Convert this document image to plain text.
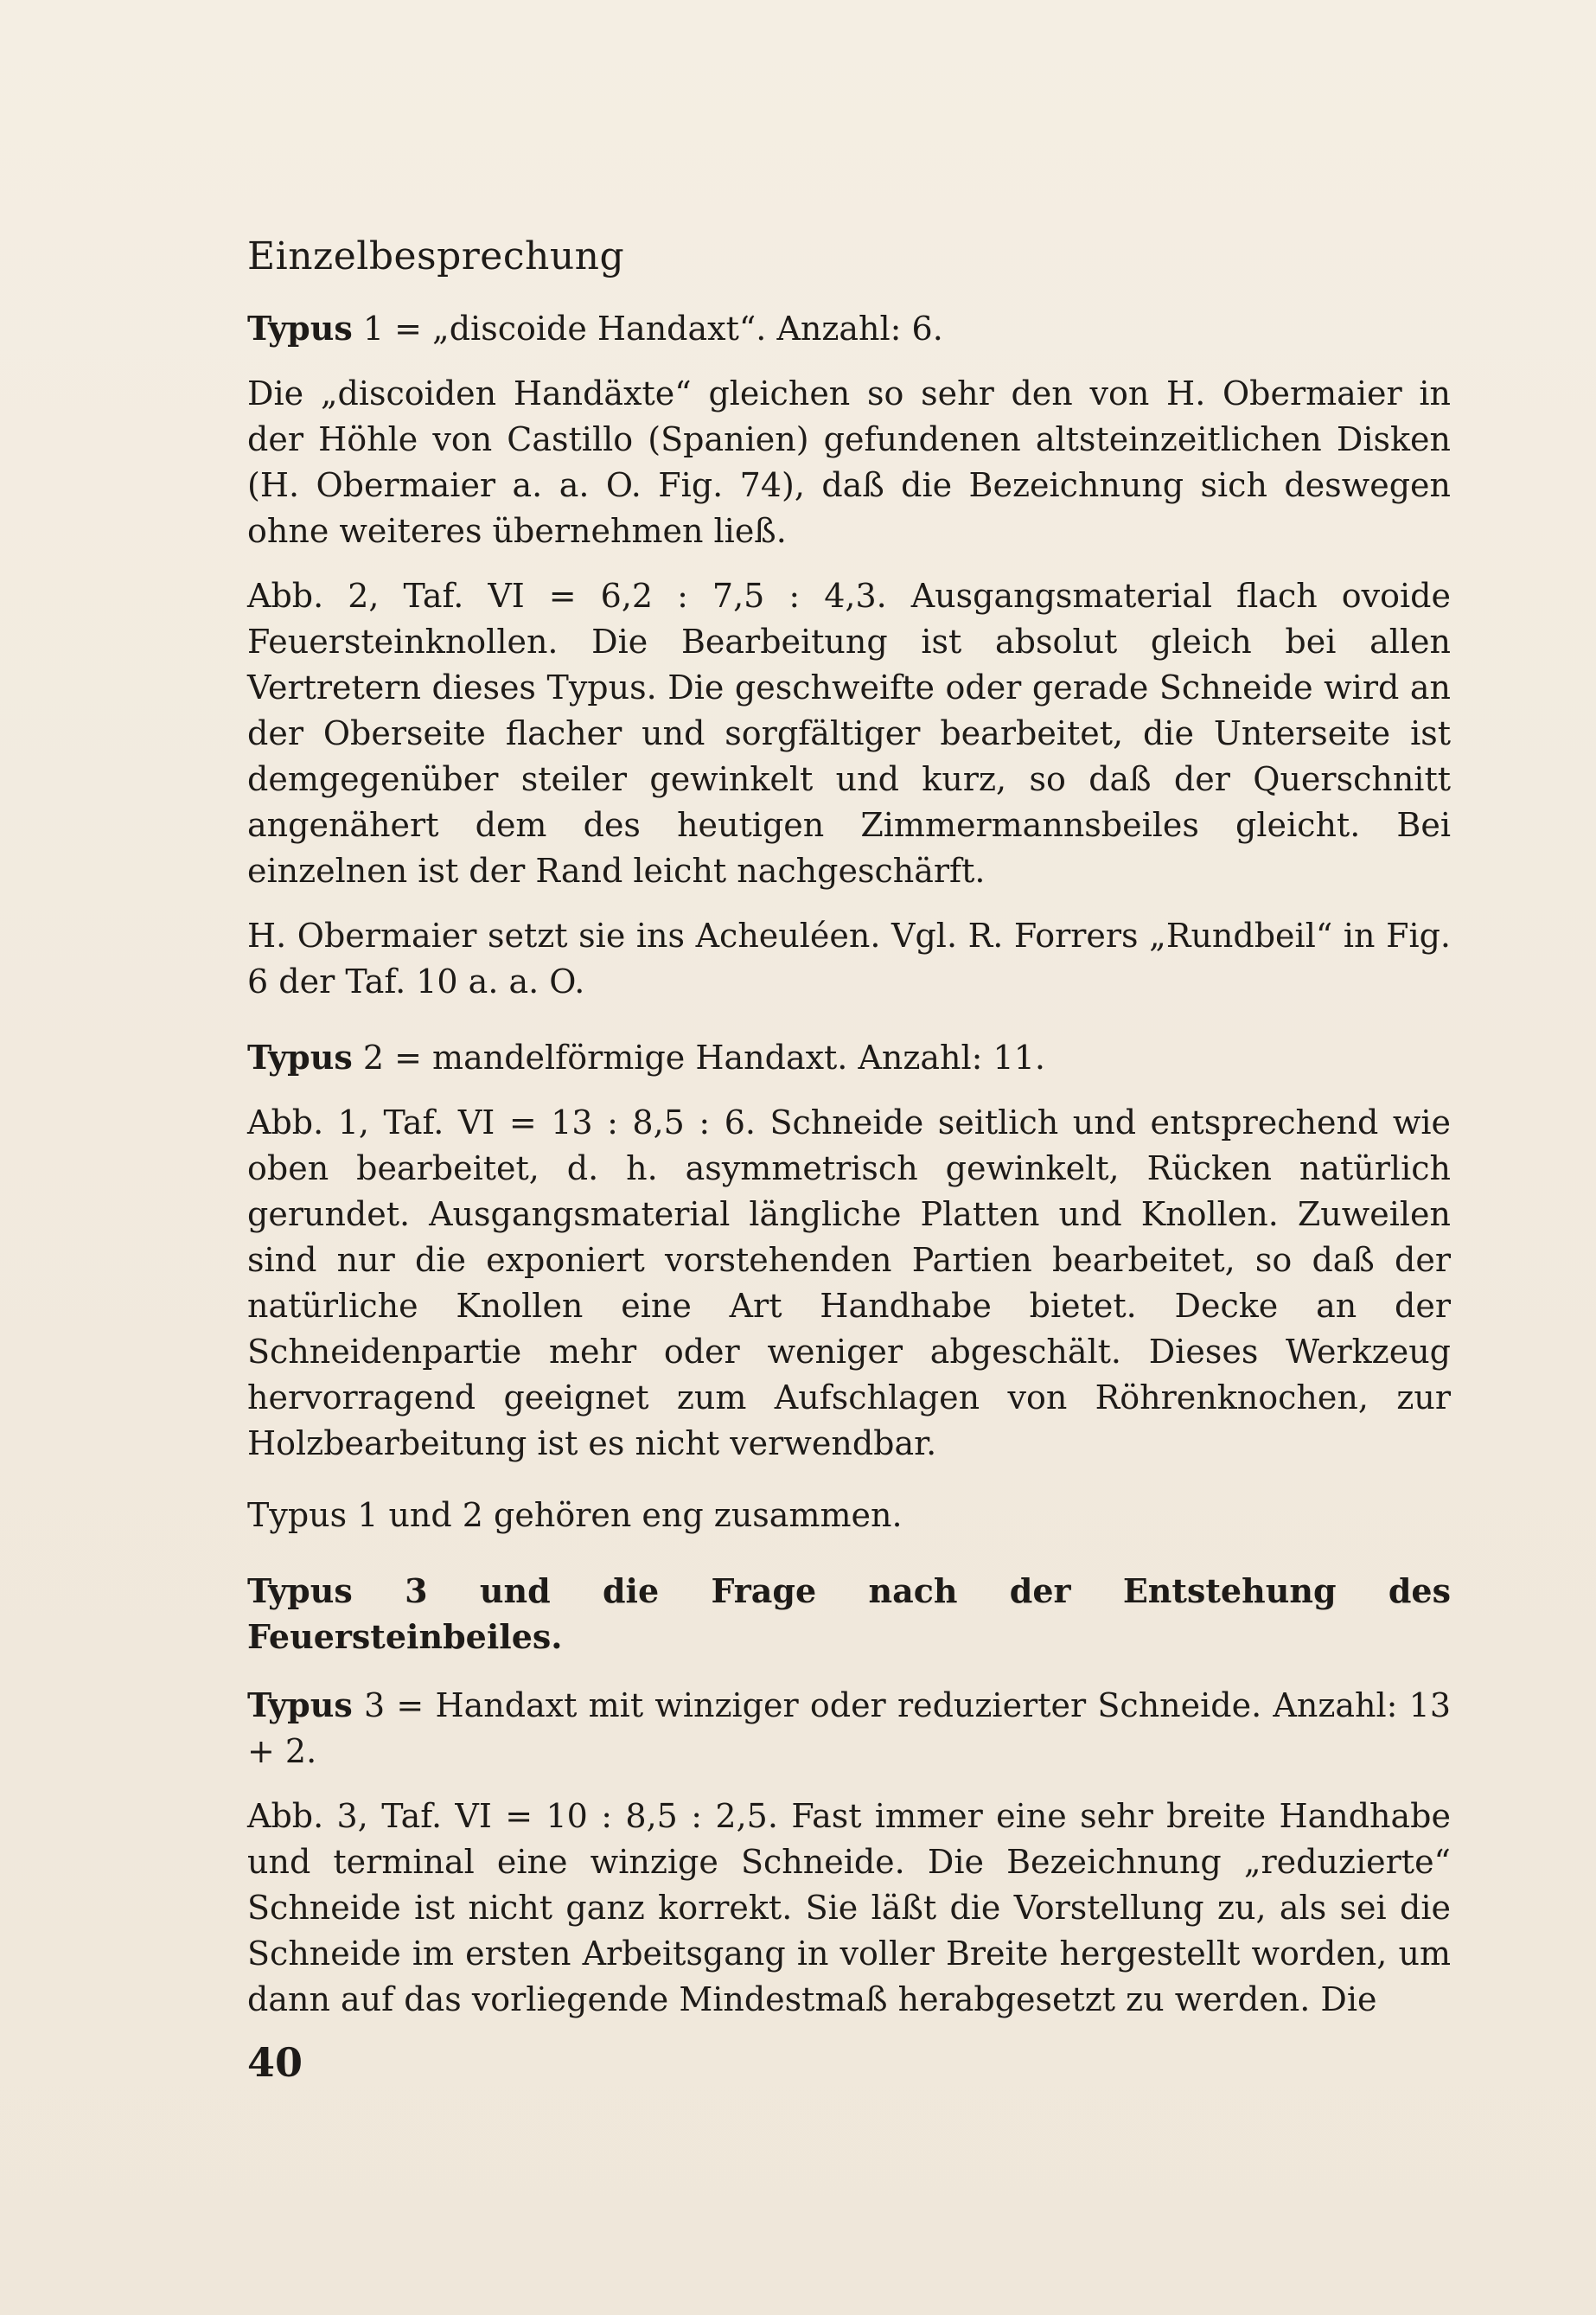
Einzelbesprechung

Typus 1 = „discoide Handaxt“. Anzahl: 6.

Die „discoiden Handäxte“ gleichen so sehr den von H. Obermaier in der Höhle von Castillo (Spanien) gefundenen altsteinzeitlichen Disken (H. Obermaier a. a. O. Fig. 74), daß die Bezeichnung sich deswegen ohne weiteres übernehmen ließ.

Abb. 2, Taf. VI = 6,2 : 7,5 : 4,3. Ausgangsmaterial flach ovoide Feuersteinknollen. Die Bearbeitung ist absolut gleich bei allen Vertretern dieses Typus. Die geschweifte oder gerade Schneide wird an der Oberseite flacher und sorgfältiger bearbeitet, die Unterseite ist demgegenüber steiler gewinkelt und kurz, so daß der Querschnitt angenähert dem des heutigen Zimmermannsbeiles gleicht. Bei einzelnen ist der Rand leicht nachgeschärft.

H. Obermaier setzt sie ins Acheuléen. Vgl. R. Forrers „Rundbeil“ in Fig. 6 der Taf. 10 a. a. O.

Typus 2 = mandelförmige Handaxt. Anzahl: 11.

Abb. 1, Taf. VI = 13 : 8,5 : 6. Schneide seitlich und entsprechend wie oben bearbeitet, d. h. asymmetrisch gewinkelt, Rücken natürlich gerundet. Ausgangsmaterial längliche Platten und Knollen. Zuweilen sind nur die exponiert vorstehenden Partien bearbeitet, so daß der natürliche Knollen eine Art Handhabe bietet. Decke an der Schneidenpartie mehr oder weniger abgeschält. Dieses Werkzeug hervorragend geeignet zum Aufschlagen von Röhrenknochen, zur Holzbearbeitung ist es nicht verwendbar.

Typus 1 und 2 gehören eng zusammen.

Typus 3 und die Frage nach der Entstehung des Feuersteinbeiles.

Typus 3 = Handaxt mit winziger oder reduzierter Schneide. Anzahl: 13 + 2.

Abb. 3, Taf. VI = 10 : 8,5 : 2,5. Fast immer eine sehr breite Handhabe und terminal eine winzige Schneide. Die Bezeichnung „reduzierte“ Schneide ist nicht ganz korrekt. Sie läßt die Vorstellung zu, als sei die Schneide im ersten Arbeitsgang in voller Breite hergestellt worden, um dann auf das vorliegende Mindestmaß herabgesetzt zu werden. Die

40
